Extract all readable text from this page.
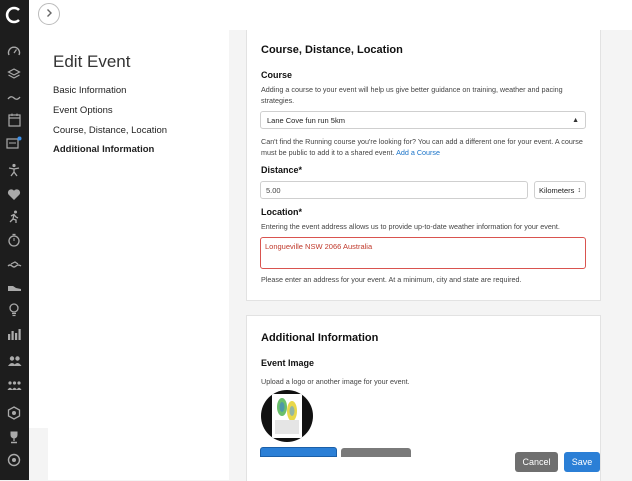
Edit Event
Basic Information
Event Options
Course, Distance, Location
Additional Information
Course, Distance, Location
Course
Adding a course to your event will help us give better guidance on training, weather and pacing strategies.
Lane Cove fun run 5km	▲︎

Can't find the Running course you're looking for? You can add a different one for your event. A course must be public to add it to a shared event. Add a Course
Distance*
5.00	Kilometers ↕
Location*
Entering the event address allows us to provide up-to-date weather information for your event.
Longueville NSW 2066 Australia
Please enter an address for your event. At a minimum, city and state are required.
Additional Information
Event Image
Upload a logo or another image for your event.
Cancel	Save
